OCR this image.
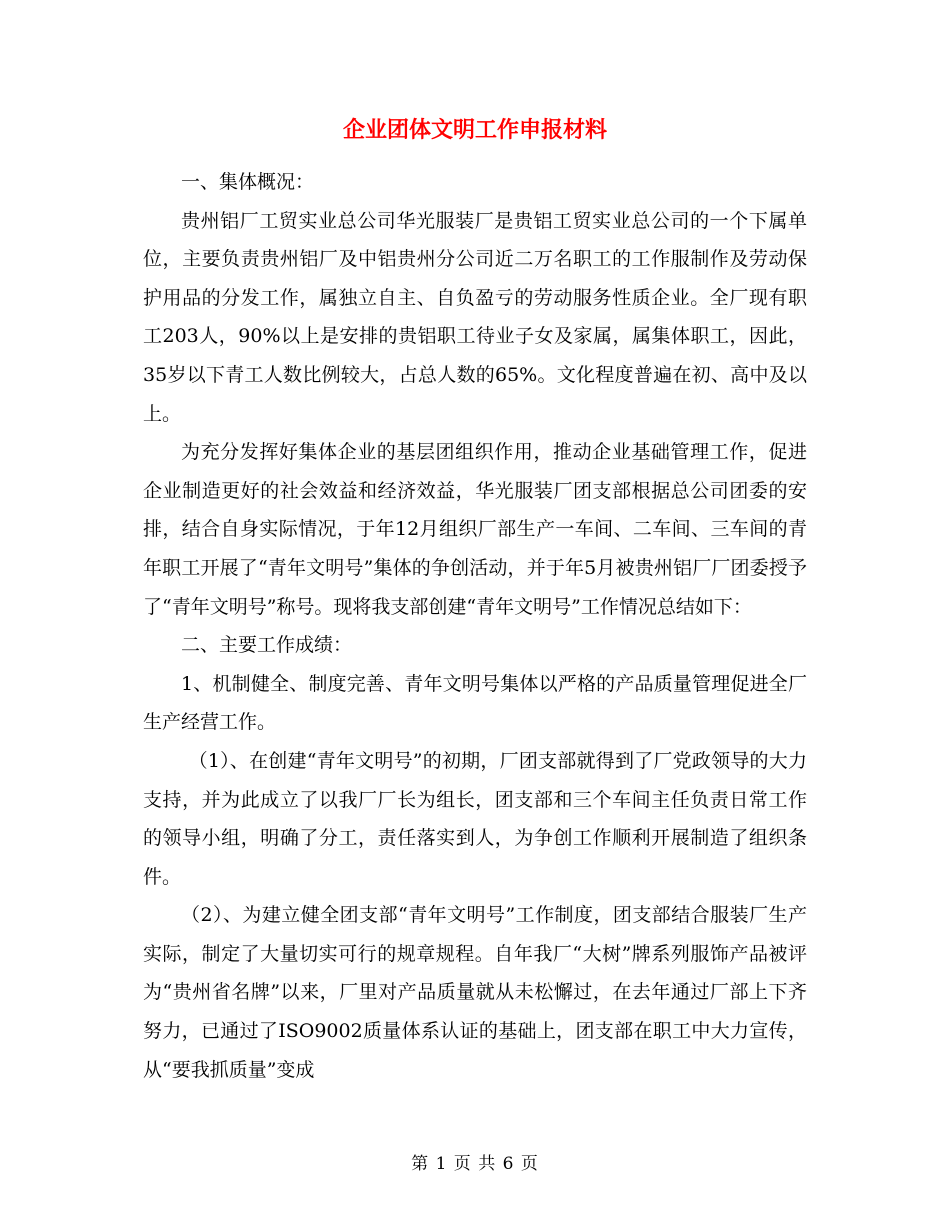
企业团体文明工作申报材料

一、集体概况：

贵州铝厂工贸实业总公司华光服装厂是贵铝工贸实业总公司的一个下属单位，主要负责贵州铝厂及中铝贵州分公司近二万名职工的工作服制作及劳动保护用品的分发工作，属独立自主、自负盈亏的劳动服务性质企业。全厂现有职工203人，90%以上是安排的贵铝职工待业子女及家属，属集体职工，因此，35岁以下青工人数比例较大，占总人数的65%。文化程度普遍在初、高中及以上。

为充分发挥好集体企业的基层团组织作用，推动企业基础管理工作，促进企业制造更好的社会效益和经济效益，华光服装厂团支部根据总公司团委的安排，结合自身实际情况，于年12月组织厂部生产一车间、二车间、三车间的青年职工开展了“青年文明号”集体的争创活动，并于年5月被贵州铝厂厂团委授予了“青年文明号”称号。现将我支部创建“青年文明号”工作情况总结如下：

二、主要工作成绩：

1、机制健全、制度完善、青年文明号集体以严格的产品质量管理促进全厂生产经营工作。

（1）、在创建“青年文明号”的初期，厂团支部就得到了厂党政领导的大力支持，并为此成立了以我厂厂长为组长，团支部和三个车间主任负责日常工作的领导小组，明确了分工，责任落实到人，为争创工作顺利开展制造了组织条件。

（2）、为建立健全团支部“青年文明号”工作制度，团支部结合服装厂生产实际，制定了大量切实可行的规章规程。自年我厂“大树”牌系列服饰产品被评为“贵州省名牌”以来，厂里对产品质量就从未松懈过，在去年通过厂部上下齐努力，已通过了ISO9002质量体系认证的基础上，团支部在职工中大力宣传，从“要我抓质量”变成

第 1 页 共 6 页
